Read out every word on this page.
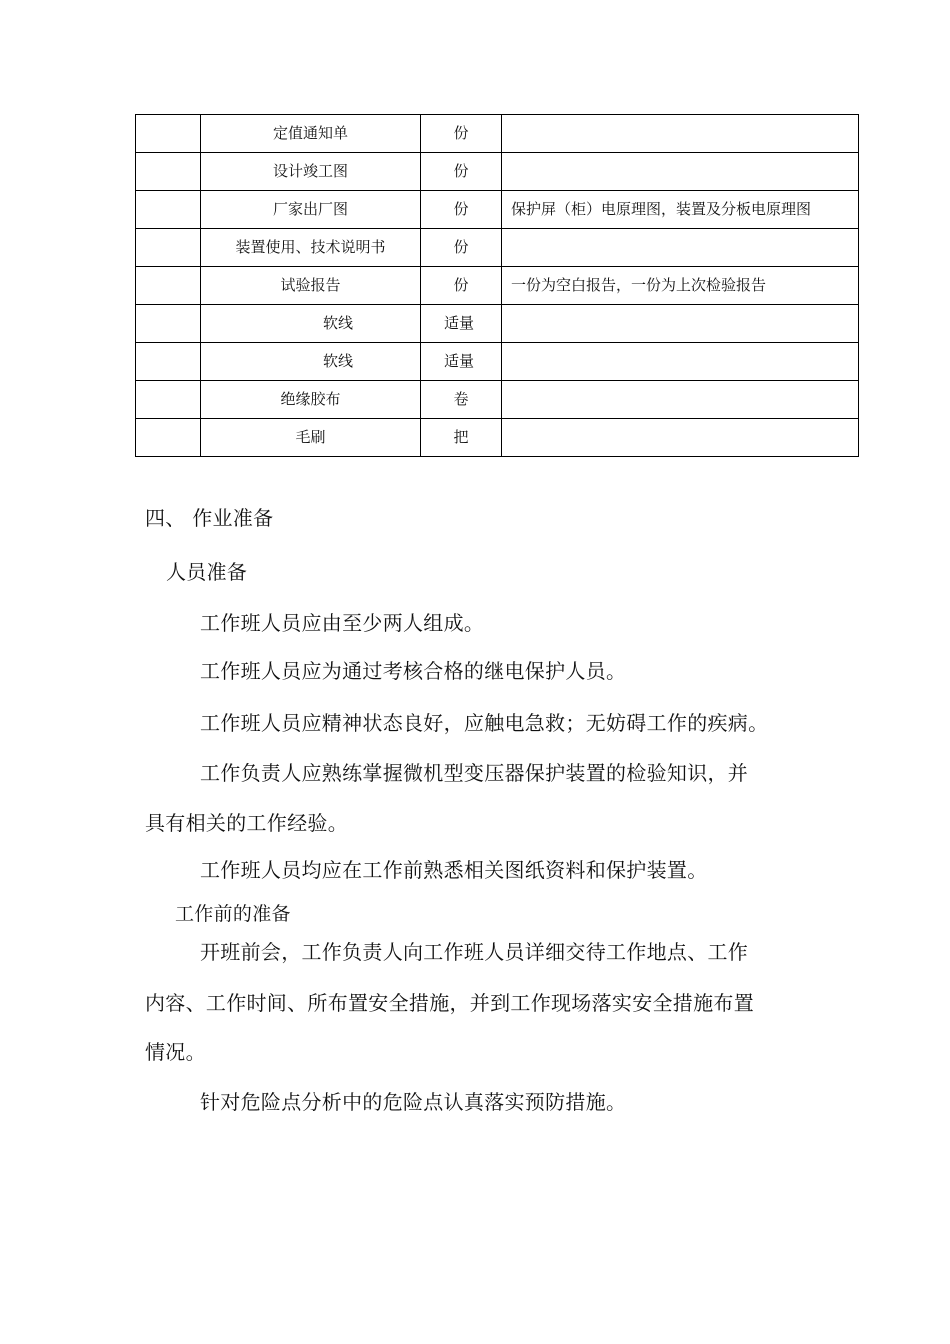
	定值通知单	份	
	设计竣工图	份	
	厂家出厂图	份	保护屏（柜）电原理图，装置及分板电原理图
	装置使用、技术说明书	份	
	试验报告	份	一份为空白报告，一份为上次检验报告
	软线	适量	
	软线	适量	
	绝缘胶布	卷	
	毛刷	把	
四、 作业准备
人员准备
工作班人员应由至少两人组成。
工作班人员应为通过考核合格的继电保护人员。
工作班人员应精神状态良好，应触电急救；无妨碍工作的疾病。
工作负责人应熟练掌握微机型变压器保护装置的检验知识，并
具有相关的工作经验。
工作班人员均应在工作前熟悉相关图纸资料和保护装置。
工作前的准备
开班前会，工作负责人向工作班人员详细交待工作地点、工作
内容、工作时间、所布置安全措施，并到工作现场落实安全措施布置
情况。
针对危险点分析中的危险点认真落实预防措施。
